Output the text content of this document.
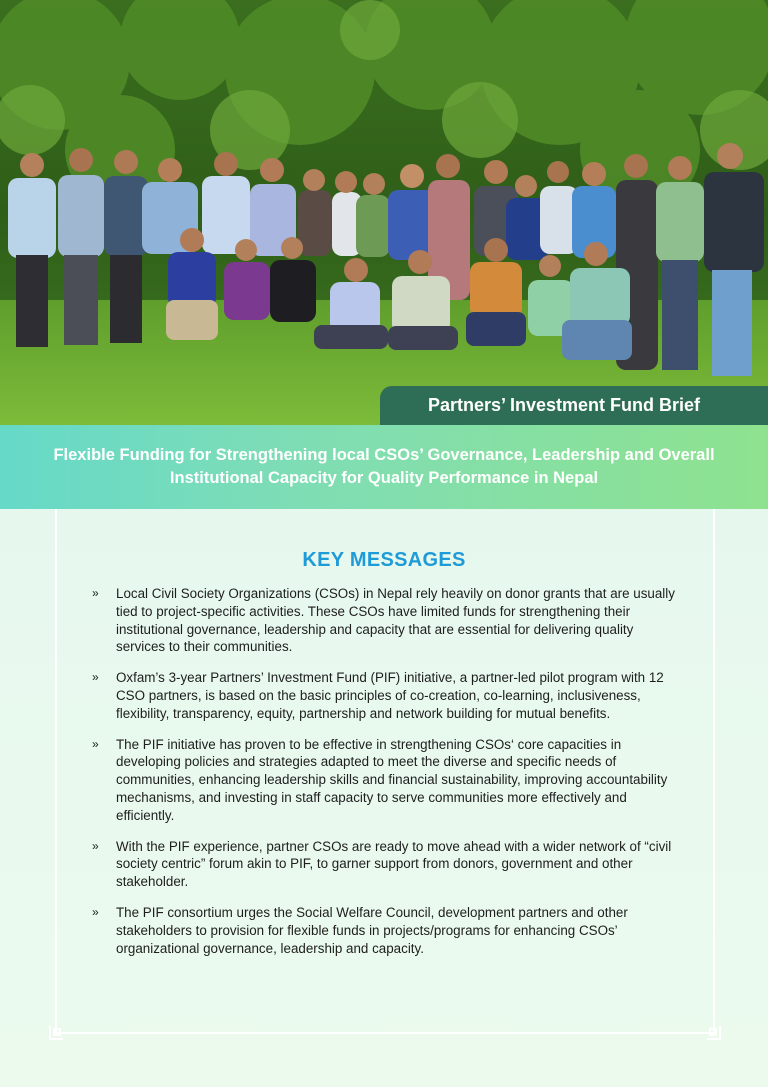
Partners’ Investment Fund Brief
Flexible Funding for Strengthening local CSOs’ Governance, Leadership and Overall Institutional Capacity for Quality Performance in Nepal
KEY MESSAGES
» Local Civil Society Organizations (CSOs) in Nepal rely heavily on donor grants that are usually tied to project-specific activities. These CSOs have limited funds for strengthening their institutional governance, leadership and capacity that are essential for delivering quality services to their communities.
» Oxfam’s 3-year Partners’ Investment Fund (PIF) initiative, a partner-led pilot program with 12 CSO partners, is based on the basic principles of co-creation, co-learning, inclusiveness, flexibility, transparency, equity, partnership and network building for mutual benefits.
» The PIF initiative has proven to be effective in strengthening CSOs‘ core capacities in developing policies and strategies adapted to meet the diverse and specific needs of communities, enhancing leadership skills and financial sustainability, improving accountability mechanisms, and investing in staff capacity to serve communities more effectively and efficiently.
» With the PIF experience, partner CSOs are ready to move ahead with a wider network of “civil society centric” forum akin to PIF, to garner support from donors, government and other stakeholder.
» The PIF consortium urges the Social Welfare Council, development partners and other stakeholders to provision for flexible funds in projects/programs for enhancing CSOs’ organizational governance, leadership and capacity.
